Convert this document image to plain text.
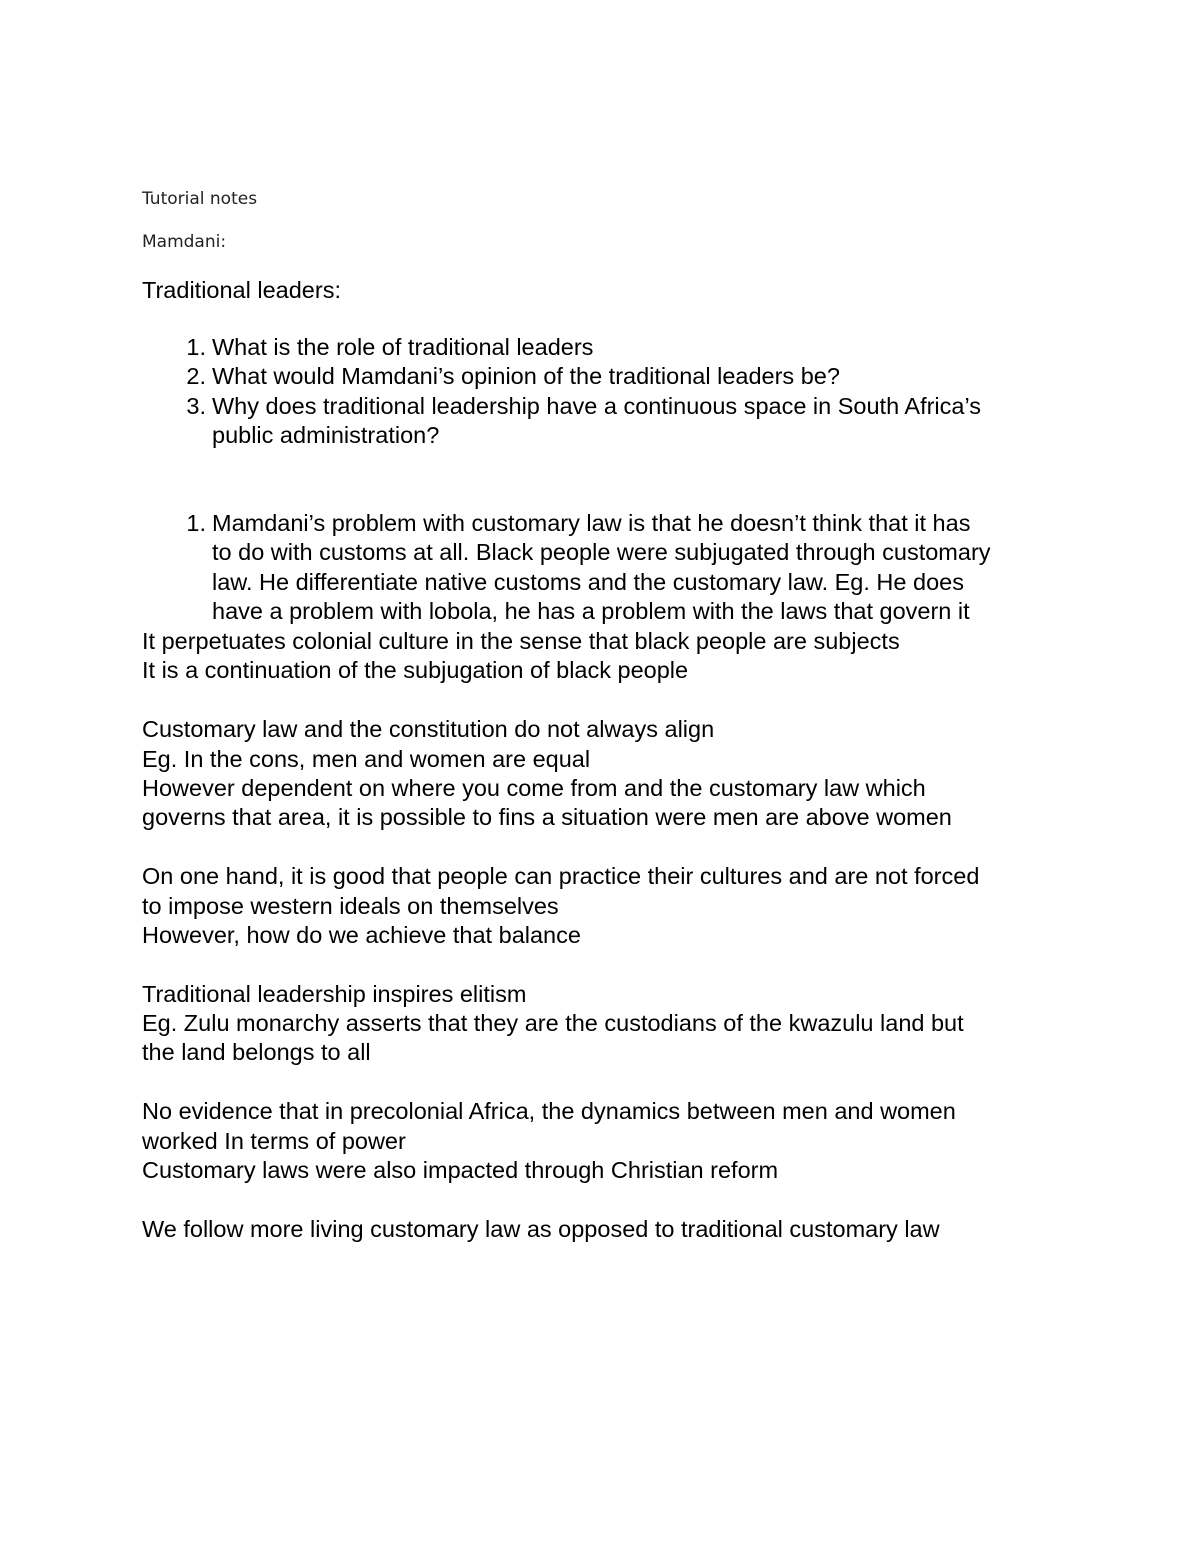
Tutorial notes
Mamdani:
Traditional leaders:
1. What is the role of traditional leaders
2. What would Mamdani’s opinion of the traditional leaders be?
3. Why does traditional leadership have a continuous space in South Africa’s
public administration?
1. Mamdani’s problem with customary law is that he doesn’t think that it has
to do with customs at all. Black people were subjugated through customary
law. He differentiate native customs and the customary law. Eg. He does
have a problem with lobola, he has a problem with the laws that govern it
It perpetuates colonial culture in the sense that black people are subjects
It is a continuation of the subjugation of black people
Customary law and the constitution do not always align
Eg. In the cons, men and women are equal
However dependent on where you come from and the customary law which
governs that area, it is possible to fins a situation were men are above women
On one hand, it is good that people can practice their cultures and are not forced
to impose western ideals on themselves
However, how do we achieve that balance
Traditional leadership inspires elitism
Eg. Zulu monarchy asserts that they are the custodians of the kwazulu land but
the land belongs to all
No evidence that in precolonial Africa, the dynamics between men and women
worked In terms of power
Customary laws were also impacted through Christian reform
We follow more living customary law as opposed to traditional customary law
